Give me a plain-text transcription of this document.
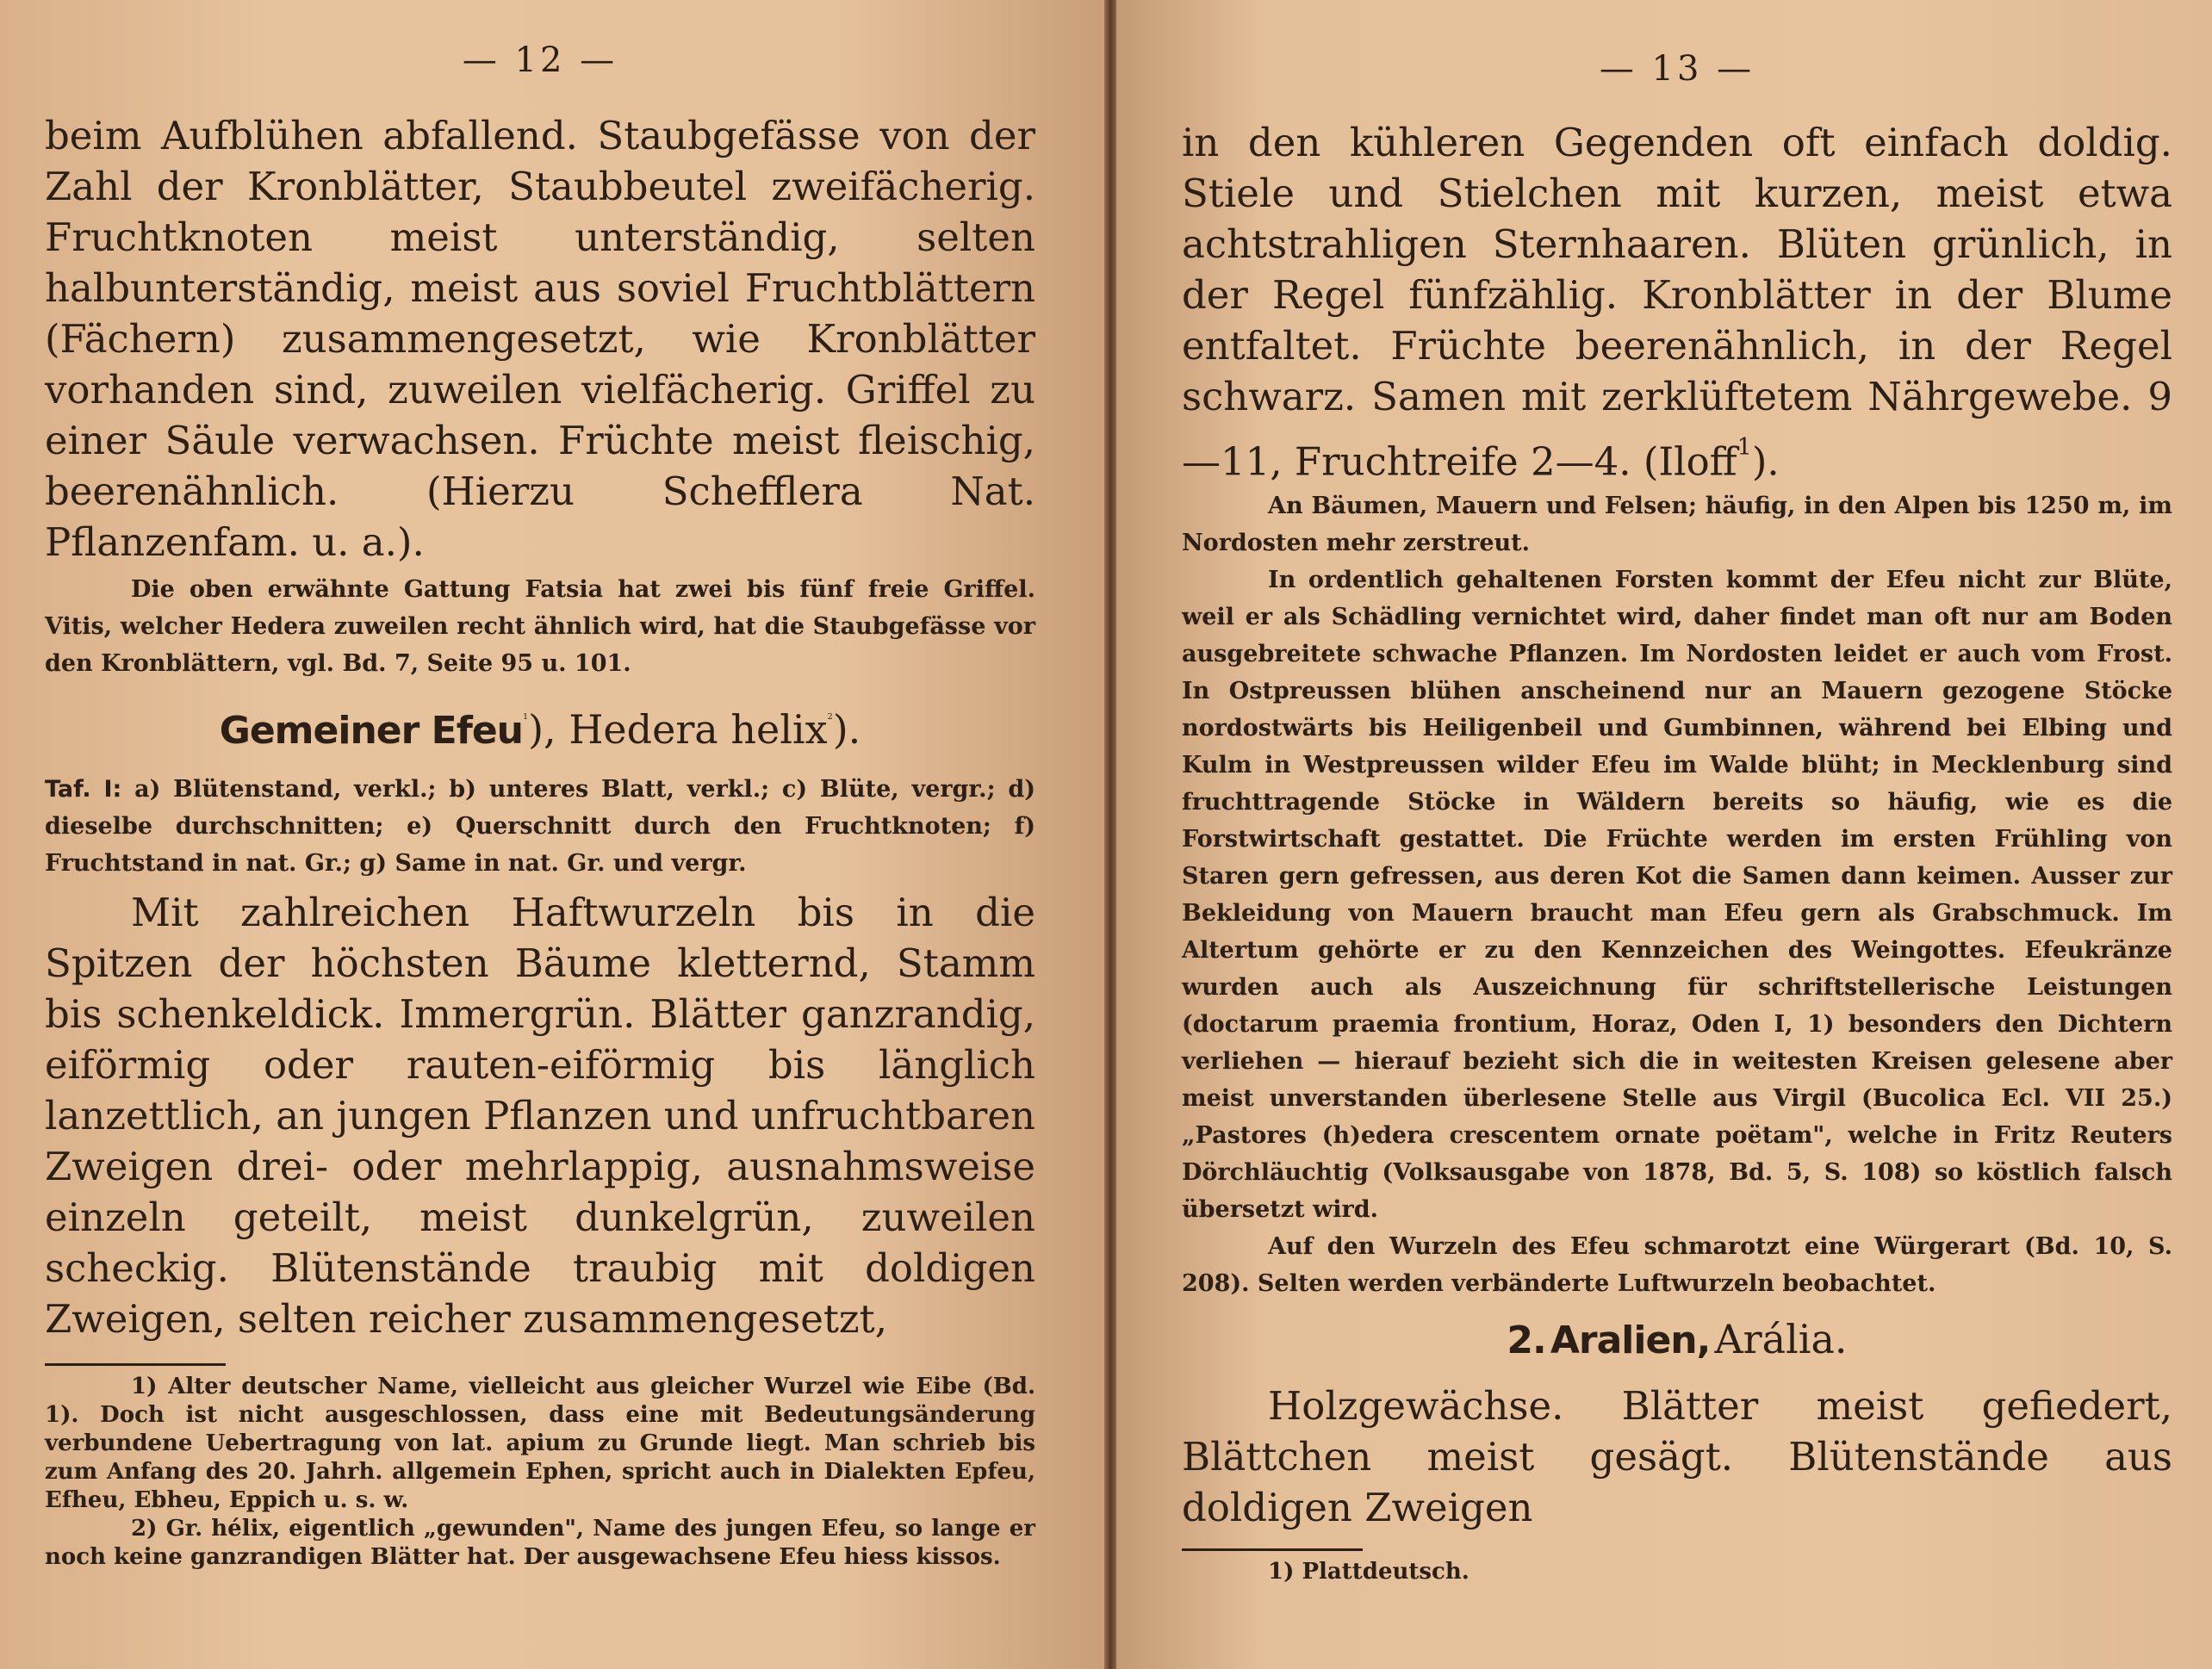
— 12 —

beim Aufblühen abfallend. Staubgefässe von der Zahl der Kronblätter, Staubbeutel zweifächerig. Fruchtknoten meist unterständig, selten halbunterständig, meist aus soviel Fruchtblättern (Fächern) zusammengesetzt, wie Kronblätter vorhanden sind, zuweilen vielfächerig. Griffel zu einer Säule verwachsen. Früchte meist fleischig, beerenähnlich. (Hierzu Schefflera Nat. Pflanzenfam. u. a.).

Die oben erwähnte Gattung Fatsia hat zwei bis fünf freie Griffel. Vitis, welcher Hedera zuweilen recht ähnlich wird, hat die Staubgefässe vor den Kronblättern, vgl. Bd. 7, Seite 95 u. 101.

Gemeiner Efeu$^1$), Hedera helix$^2$).

Taf. I: a) Blütenstand, verkl.; b) unteres Blatt, verkl.; c) Blüte, vergr.; d) dieselbe durchschnitten; e) Querschnitt durch den Fruchtknoten; f) Fruchtstand in nat. Gr.; g) Same in nat. Gr. und vergr.

Mit zahlreichen Haftwurzeln bis in die Spitzen der höchsten Bäume kletternd, Stamm bis schenkeldick. Immergrün. Blätter ganzrandig, eiförmig oder rauten-eiförmig bis länglich lanzettlich, an jungen Pflanzen und unfruchtbaren Zweigen drei- oder mehrlappig, ausnahmsweise einzeln geteilt, meist dunkelgrün, zuweilen scheckig. Blütenstände traubig mit doldigen Zweigen, selten reicher zusammengesetzt,

1) Alter deutscher Name, vielleicht aus gleicher Wurzel wie Eibe (Bd. 1). Doch ist nicht ausgeschlossen, dass eine mit Bedeutungsänderung verbundene Uebertragung von lat. apium zu Grunde liegt. Man schrieb bis zum Anfang des 20. Jahrh. allgemein Ephen, spricht auch in Dialekten Epfeu, Efheu, Ebheu, Eppich u. s. w.

2) Gr. hélix, eigentlich „gewunden", Name des jungen Efeu, so lange er noch keine ganzrandigen Blätter hat. Der ausgewachsene Efeu hiess kissos.

— 13 —

in den kühleren Gegenden oft einfach doldig. Stiele und Stielchen mit kurzen, meist etwa achtstrahligen Sternhaaren. Blüten grünlich, in der Regel fünfzählig. Kronblätter in der Blume entfaltet. Früchte beerenähnlich, in der Regel schwarz. Samen mit zerklüftetem Nährgewebe. 9—11, Fruchtreife 2—4. (Iloff$^1$).

An Bäumen, Mauern und Felsen; häufig, in den Alpen bis 1250 m, im Nordosten mehr zerstreut.

In ordentlich gehaltenen Forsten kommt der Efeu nicht zur Blüte, weil er als Schädling vernichtet wird, daher findet man oft nur am Boden ausgebreitete schwache Pflanzen. Im Nordosten leidet er auch vom Frost. In Ostpreussen blühen anscheinend nur an Mauern gezogene Stöcke nordostwärts bis Heiligenbeil und Gumbinnen, während bei Elbing und Kulm in Westpreussen wilder Efeu im Walde blüht; in Mecklenburg sind fruchttragende Stöcke in Wäldern bereits so häufig, wie es die Forstwirtschaft gestattet. Die Früchte werden im ersten Frühling von Staren gern gefressen, aus deren Kot die Samen dann keimen. Ausser zur Bekleidung von Mauern braucht man Efeu gern als Grabschmuck. Im Altertum gehörte er zu den Kennzeichen des Weingottes. Efeukränze wurden auch als Auszeichnung für schriftstellerische Leistungen (doctarum praemia frontium, Horaz, Oden I, 1) besonders den Dichtern verliehen — hierauf bezieht sich die in weitesten Kreisen gelesene aber meist unverstanden überlesene Stelle aus Virgil (Bucolica Ecl. VII 25.) „Pastores (h)edera crescentem ornate poëtam", welche in Fritz Reuters Dörchläuchtig (Volksausgabe von 1878, Bd. 5, S. 108) so köstlich falsch übersetzt wird.

Auf den Wurzeln des Efeu schmarotzt eine Würgerart (Bd. 10, S. 208). Selten werden verbänderte Luftwurzeln beobachtet.

2. Aralien, Arália.

Holzgewächse. Blätter meist gefiedert, Blättchen meist gesägt. Blütenstände aus doldigen Zweigen

1) Plattdeutsch.
